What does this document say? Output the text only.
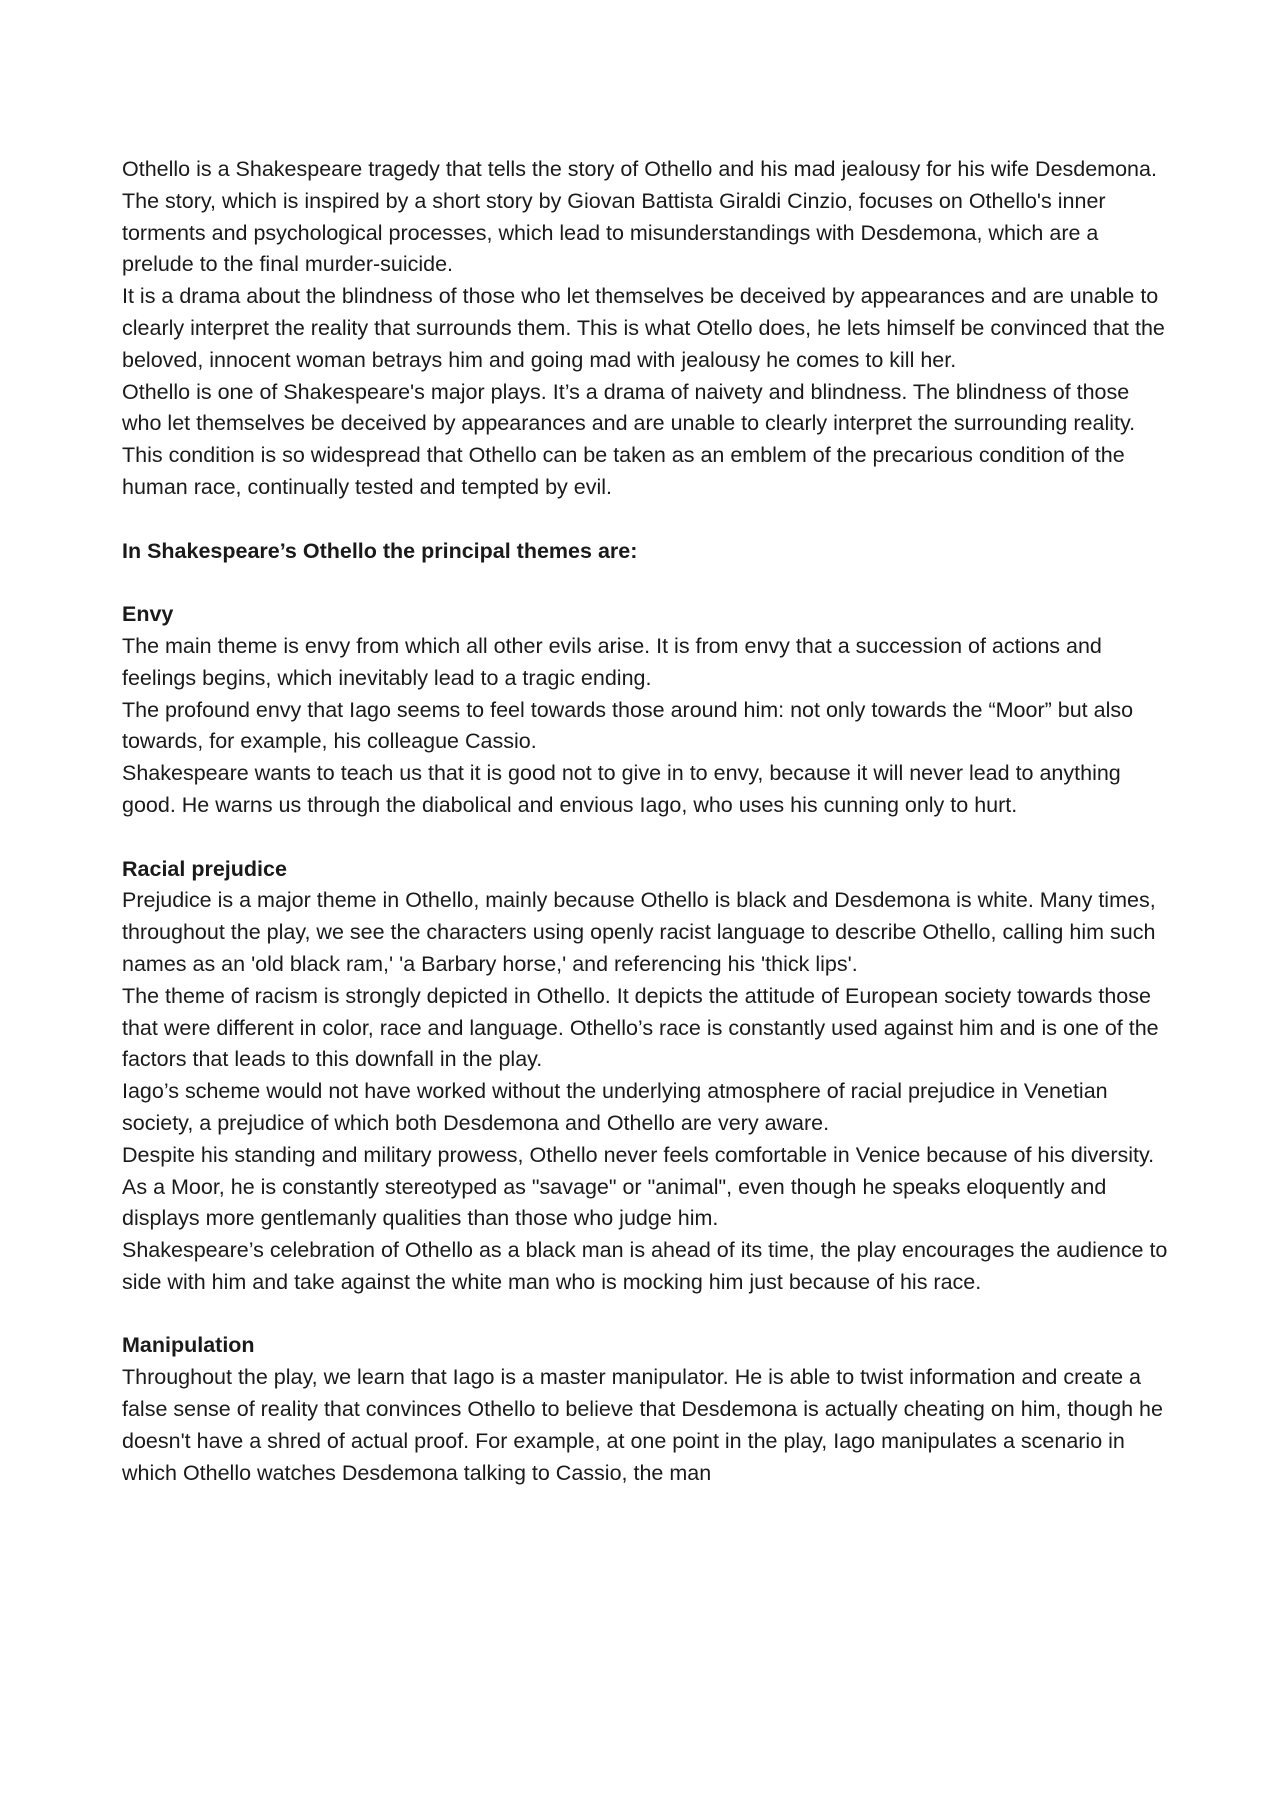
Othello is a Shakespeare tragedy that tells the story of Othello and his mad jealousy for his wife Desdemona.

The story, which is inspired by a short story by Giovan Battista Giraldi Cinzio, focuses on Othello's inner torments and psychological processes, which lead to misunderstandings with Desdemona, which are a prelude to the final murder-suicide.

It is a drama about the blindness of those who let themselves be deceived by appearances and are unable to clearly interpret the reality that surrounds them. This is what Otello does, he lets himself be convinced that the beloved, innocent woman betrays him and going mad with jealousy he comes to kill her.

Othello is one of Shakespeare's major plays. It’s a drama of naivety and blindness. The blindness of those who let themselves be deceived by appearances and are unable to clearly interpret the surrounding reality. This condition is so widespread that Othello can be taken as an emblem of the precarious condition of the human race, continually tested and tempted by evil.

In Shakespeare’s Othello the principal themes are:

Envy

The main theme is envy from which all other evils arise. It is from envy that a succession of actions and feelings begins, which inevitably lead to a tragic ending.

The profound envy that Iago seems to feel towards those around him: not only towards the “Moor” but also towards, for example, his colleague Cassio.

Shakespeare wants to teach us that it is good not to give in to envy, because it will never lead to anything good. He warns us through the diabolical and envious Iago, who uses his cunning only to hurt.

Racial prejudice

Prejudice is a major theme in Othello, mainly because Othello is black and Desdemona is white. Many times, throughout the play, we see the characters using openly racist language to describe Othello, calling him such names as an 'old black ram,' 'a Barbary horse,' and referencing his 'thick lips'.

The theme of racism is strongly depicted in Othello. It depicts the attitude of European society towards those that were different in color, race and language. Othello’s race is constantly used against him and is one of the factors that leads to this downfall in the play.

Iago’s scheme would not have worked without the underlying atmosphere of racial prejudice in Venetian society, a prejudice of which both Desdemona and Othello are very aware.

Despite his standing and military prowess, Othello never feels comfortable in Venice because of his diversity. As a Moor, he is constantly stereotyped as "savage" or "animal", even though he speaks eloquently and displays more gentlemanly qualities than those who judge him.

Shakespeare’s celebration of Othello as a black man is ahead of its time, the play encourages the audience to side with him and take against the white man who is mocking him just because of his race.

Manipulation

Throughout the play, we learn that Iago is a master manipulator. He is able to twist information and create a false sense of reality that convinces Othello to believe that Desdemona is actually cheating on him, though he doesn't have a shred of actual proof. For example, at one point in the play, Iago manipulates a scenario in which Othello watches Desdemona talking to Cassio, the man
